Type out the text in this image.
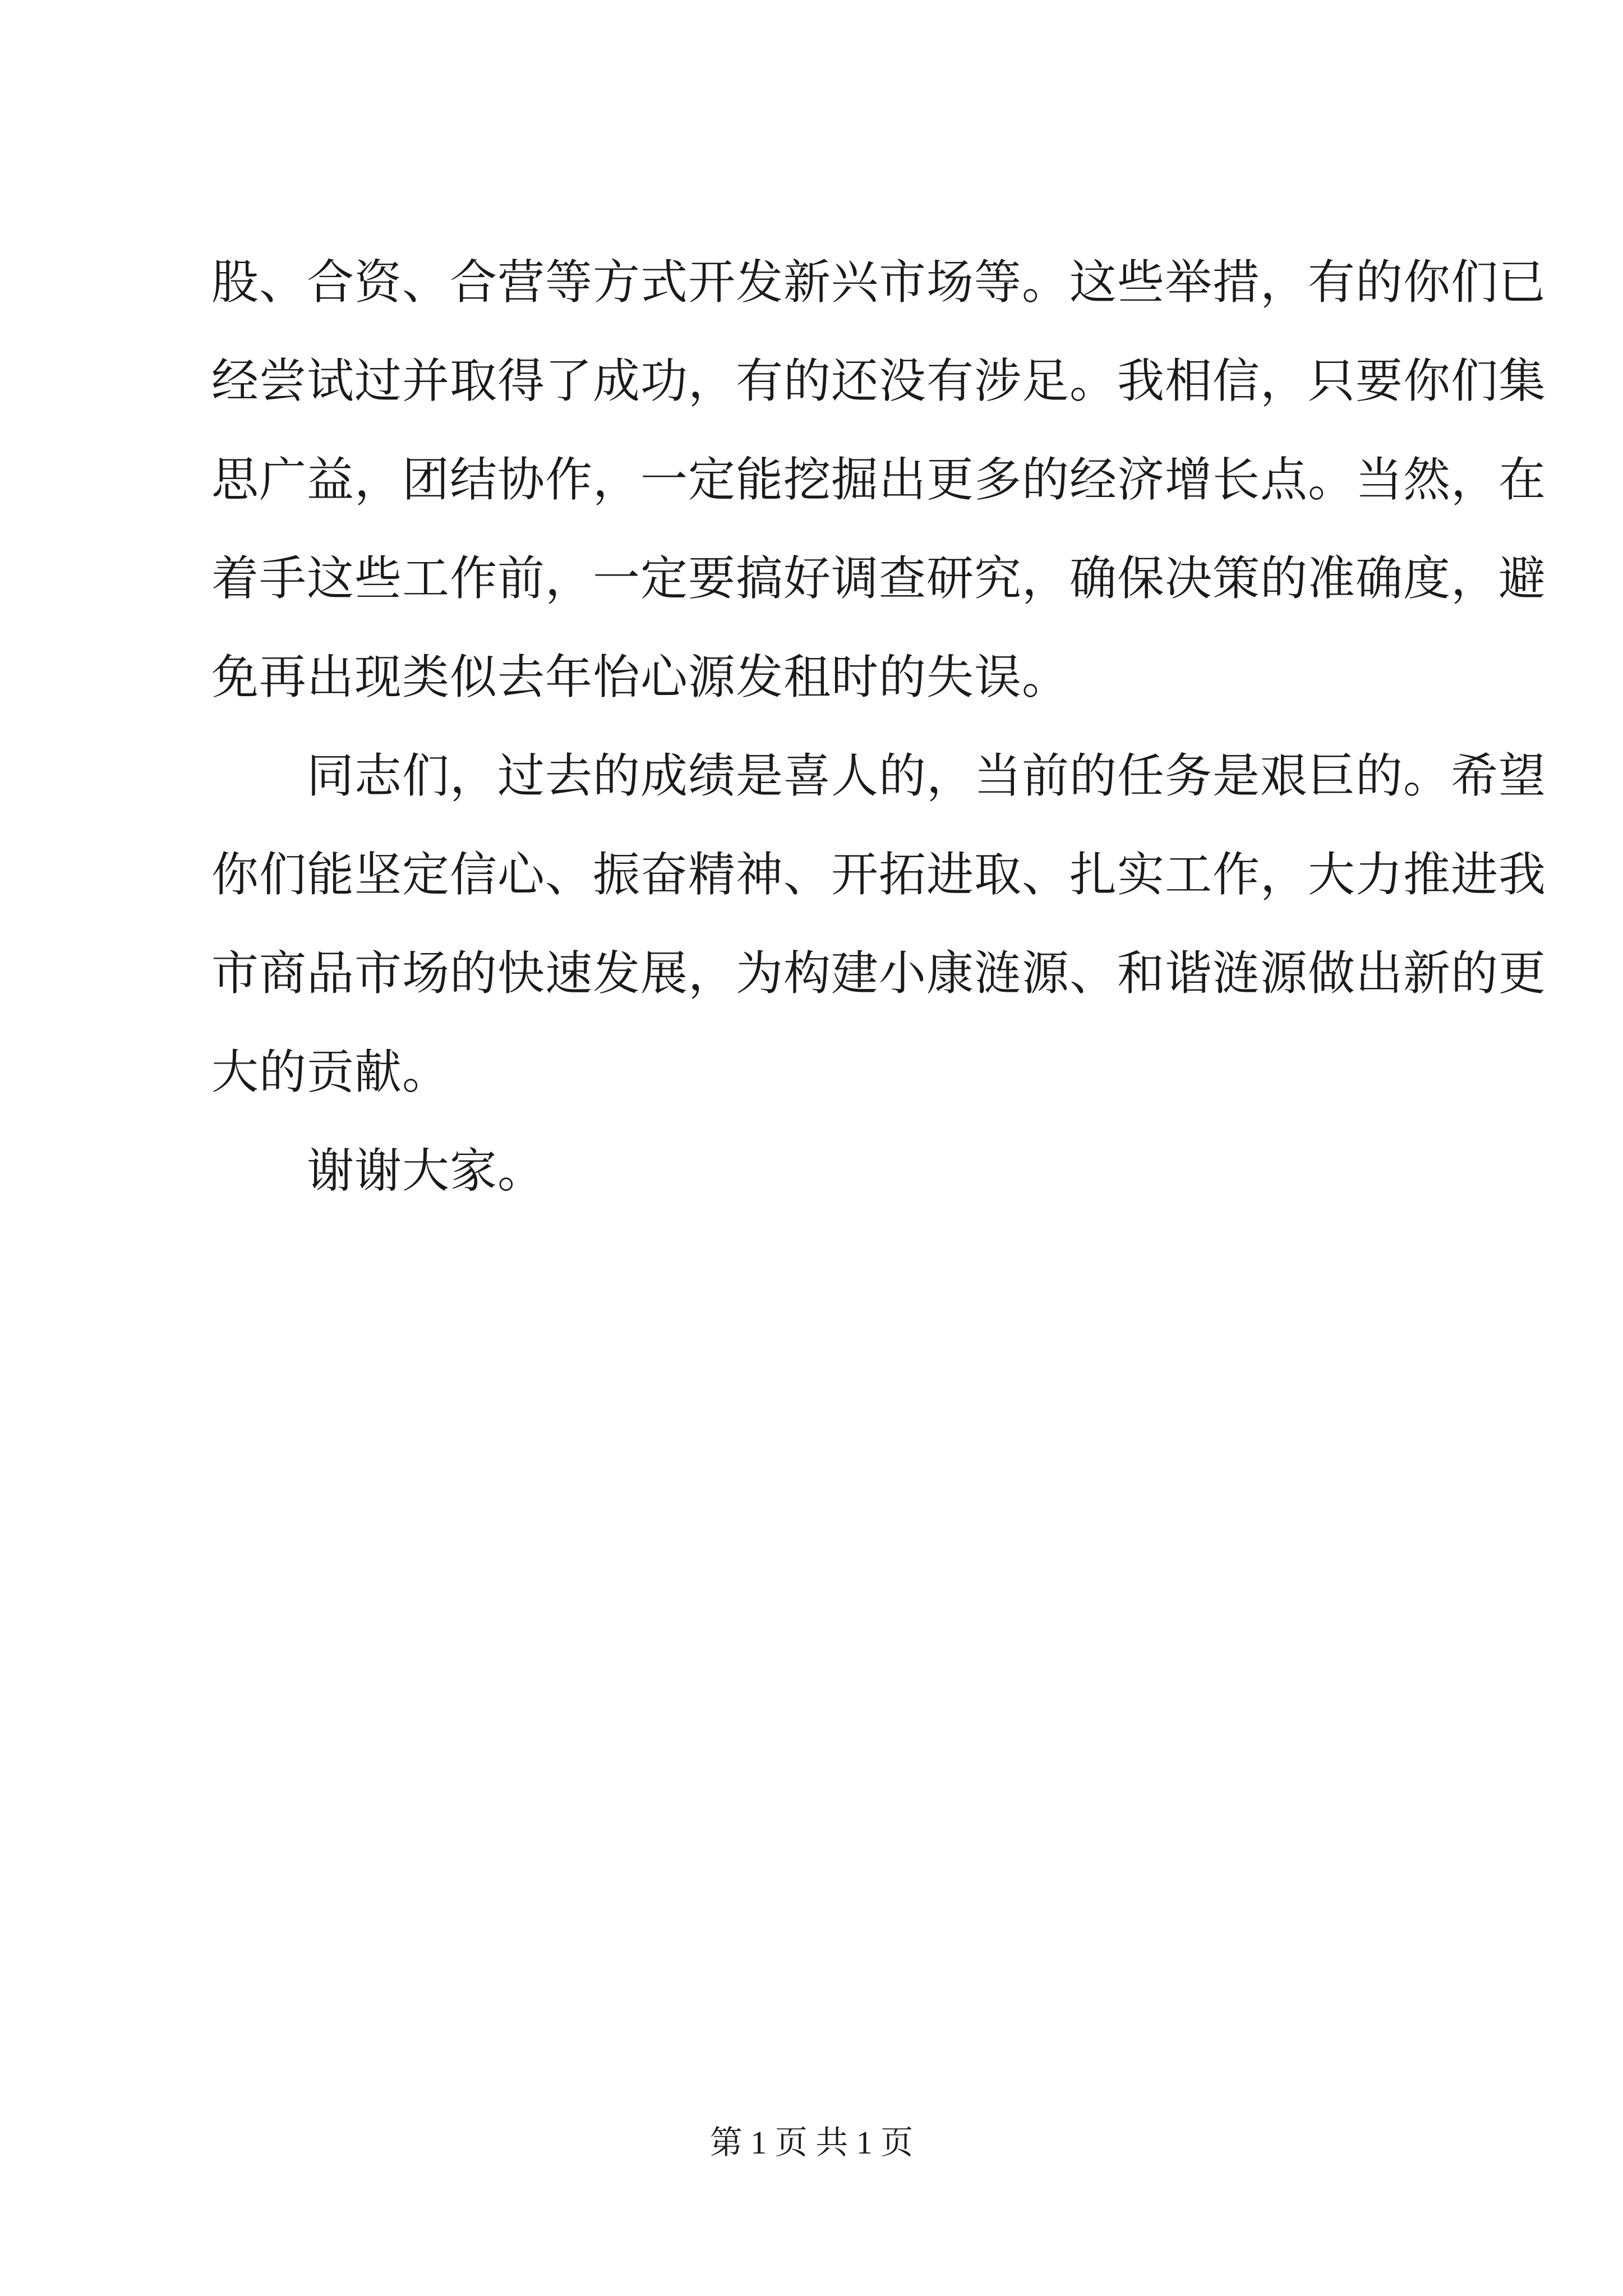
股、合资、合营等方式开发新兴市场等。这些举措，有的你们已
经尝试过并取得了成功，有的还没有涉足。我相信，只要你们集
思广益，团结协作，一定能挖掘出更多的经济增长点。当然，在
着手这些工作前，一定要搞好调查研究，确保决策的准确度，避
免再出现类似去年怡心源发租时的失误。
同志们，过去的成绩是喜人的，当前的任务是艰巨的。希望
你们能坚定信心、振奋精神、开拓进取、扎实工作，大力推进我
市商品市场的快速发展，为构建小康涟源、和谐涟源做出新的更
大的贡献。
谢谢大家。
第 1 页 共 1 页
